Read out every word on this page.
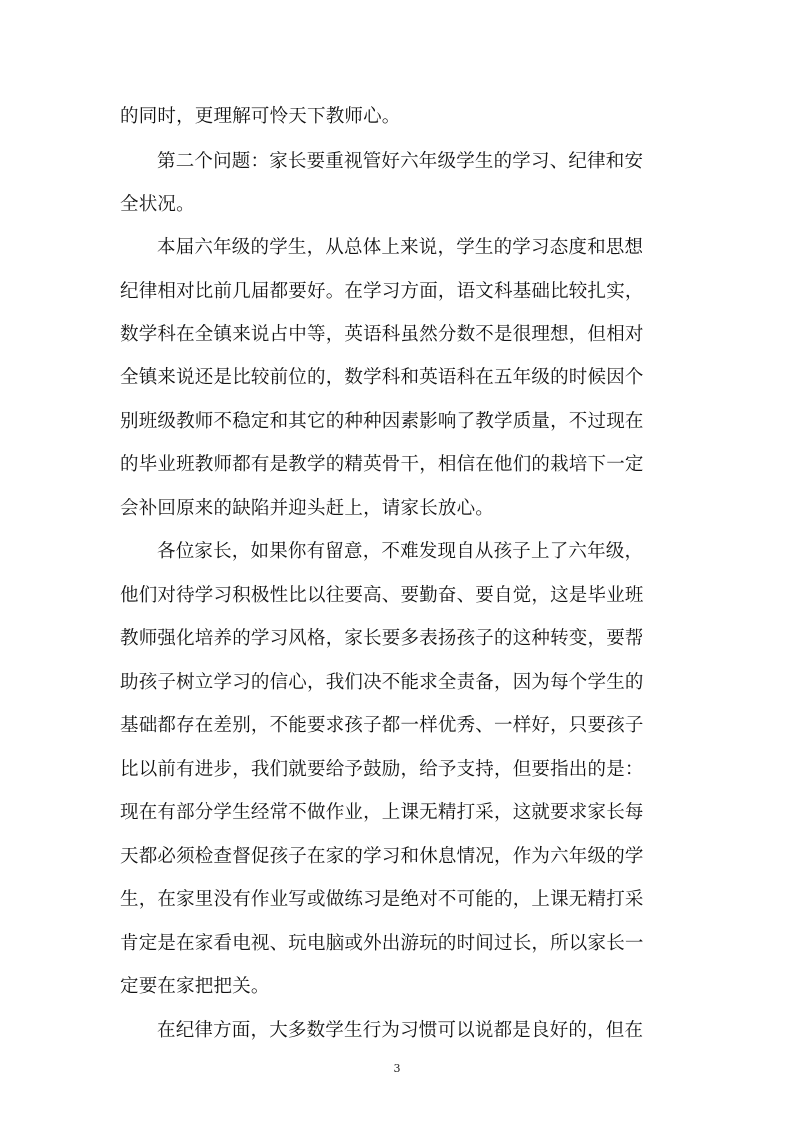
的同时，更理解可怜天下教师心。
第二个问题：家长要重视管好六年级学生的学习、纪律和安
全状况。
本届六年级的学生，从总体上来说，学生的学习态度和思想
纪律相对比前几届都要好。在学习方面，语文科基础比较扎实，
数学科在全镇来说占中等，英语科虽然分数不是很理想，但相对
全镇来说还是比较前位的，数学科和英语科在五年级的时候因个
别班级教师不稳定和其它的种种因素影响了教学质量，不过现在
的毕业班教师都有是教学的精英骨干，相信在他们的栽培下一定
会补回原来的缺陷并迎头赶上，请家长放心。
各位家长，如果你有留意，不难发现自从孩子上了六年级，
他们对待学习积极性比以往要高、要勤奋、要自觉，这是毕业班
教师强化培养的学习风格，家长要多表扬孩子的这种转变，要帮
助孩子树立学习的信心，我们决不能求全责备，因为每个学生的
基础都存在差别，不能要求孩子都一样优秀、一样好，只要孩子
比以前有进步，我们就要给予鼓励，给予支持，但要指出的是：
现在有部分学生经常不做作业，上课无精打采，这就要求家长每
天都必须检查督促孩子在家的学习和休息情况，作为六年级的学
生，在家里没有作业写或做练习是绝对不可能的，上课无精打采
肯定是在家看电视、玩电脑或外出游玩的时间过长，所以家长一
定要在家把把关。
在纪律方面，大多数学生行为习惯可以说都是良好的，但在
3
